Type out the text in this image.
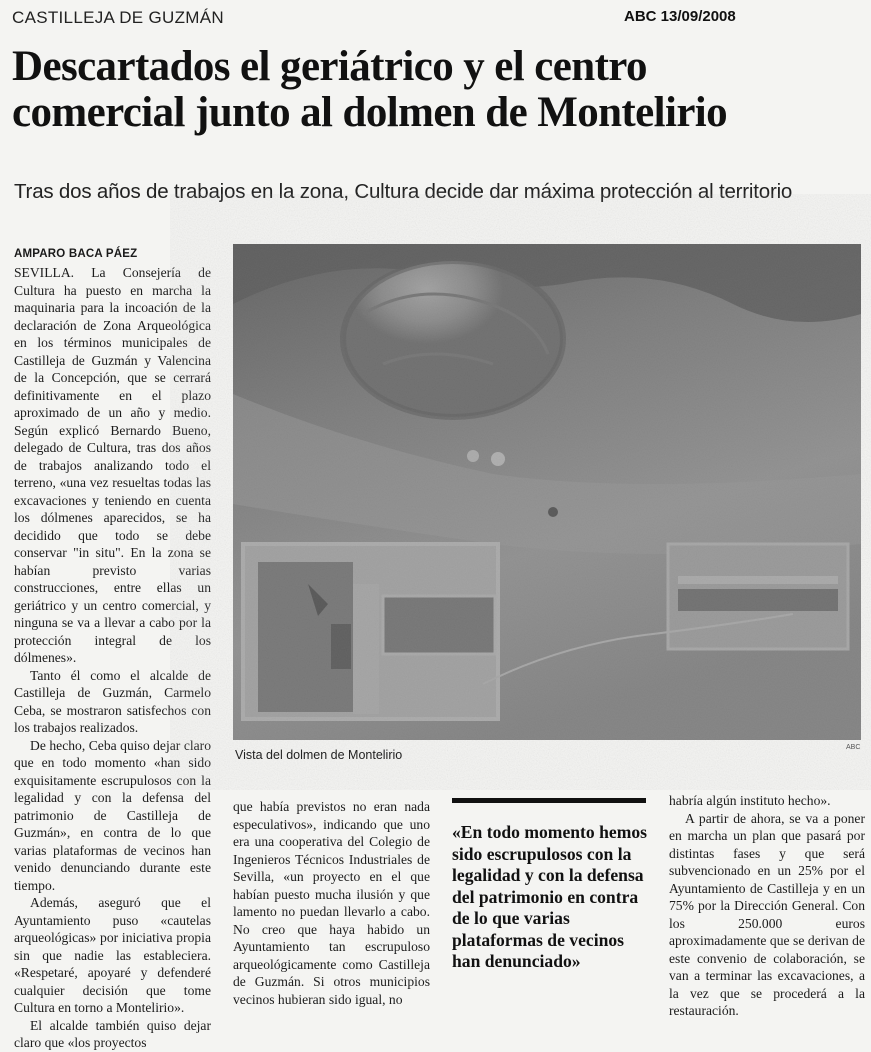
CASTILLEJA DE GUZMÁN	ABC 13/09/2008
Descartados el geriátrico y el centro
comercial junto al dolmen de Montelirio

Tras dos años de trabajos en la zona, Cultura decide dar máxima protección al territorio

AMPARO BACA PÁEZ

SEVILLA. La Consejería de Cultura ha puesto en marcha la maquinaria para la incoación de la declaración de Zona Arqueológica en los términos municipales de Castilleja de Guzmán y Valencina de la Concepción, que se cerrará definitivamente en el plazo aproximado de un año y medio. Según explicó Bernardo Bueno, delegado de Cultura, tras dos años de trabajos analizando todo el terreno, «una vez resueltas todas las excavaciones y teniendo en cuenta los dólmenes aparecidos, se ha decidido que todo se debe conservar "in situ". En la zona se habían previsto varias construcciones, entre ellas un geriátrico y un centro comercial, y ninguna se va a llevar a cabo por la protección integral de los dólmenes».

Tanto él como el alcalde de Castilleja de Guzmán, Carmelo Ceba, se mostraron satisfechos con los trabajos realizados.

De hecho, Ceba quiso dejar claro que en todo momento «han sido exquisitamente escrupulosos con la legalidad y con la defensa del patrimonio de Castilleja de Guzmán», en contra de lo que varias plataformas de vecinos han venido denunciando durante este tiempo.

Además, aseguró que el Ayuntamiento puso «cautelas arqueológicas» por iniciativa propia sin que nadie las estableciera. «Respetaré, apoyaré y defenderé cualquier decisión que tome Cultura en torno a Montelirio».

El alcalde también quiso dejar claro que «los proyectos

Vista del dolmen de Montelirio
ABC

que había previstos no eran nada especulativos», indicando que uno era una cooperativa del Colegio de Ingenieros Técnicos Industriales de Sevilla, «un proyecto en el que habían puesto mucha ilusión y que lamento no puedan llevarlo a cabo. No creo que haya habido un Ayuntamiento tan escrupuloso arqueológicamente como Castilleja de Guzmán. Si otros municipios vecinos hubieran sido igual, no

«En todo momento hemos sido escrupulosos con la legalidad y con la defensa del patrimonio en contra de lo que varias plataformas de vecinos han denunciado»

habría algún instituto hecho».

A partir de ahora, se va a poner en marcha un plan que pasará por distintas fases y que será subvencionado en un 25% por el Ayuntamiento de Castilleja y en un 75% por la Dirección General. Con los 250.000 euros aproximadamente que se derivan de este convenio de colaboración, se van a terminar las excavaciones, a la vez que se procederá a la restauración.
